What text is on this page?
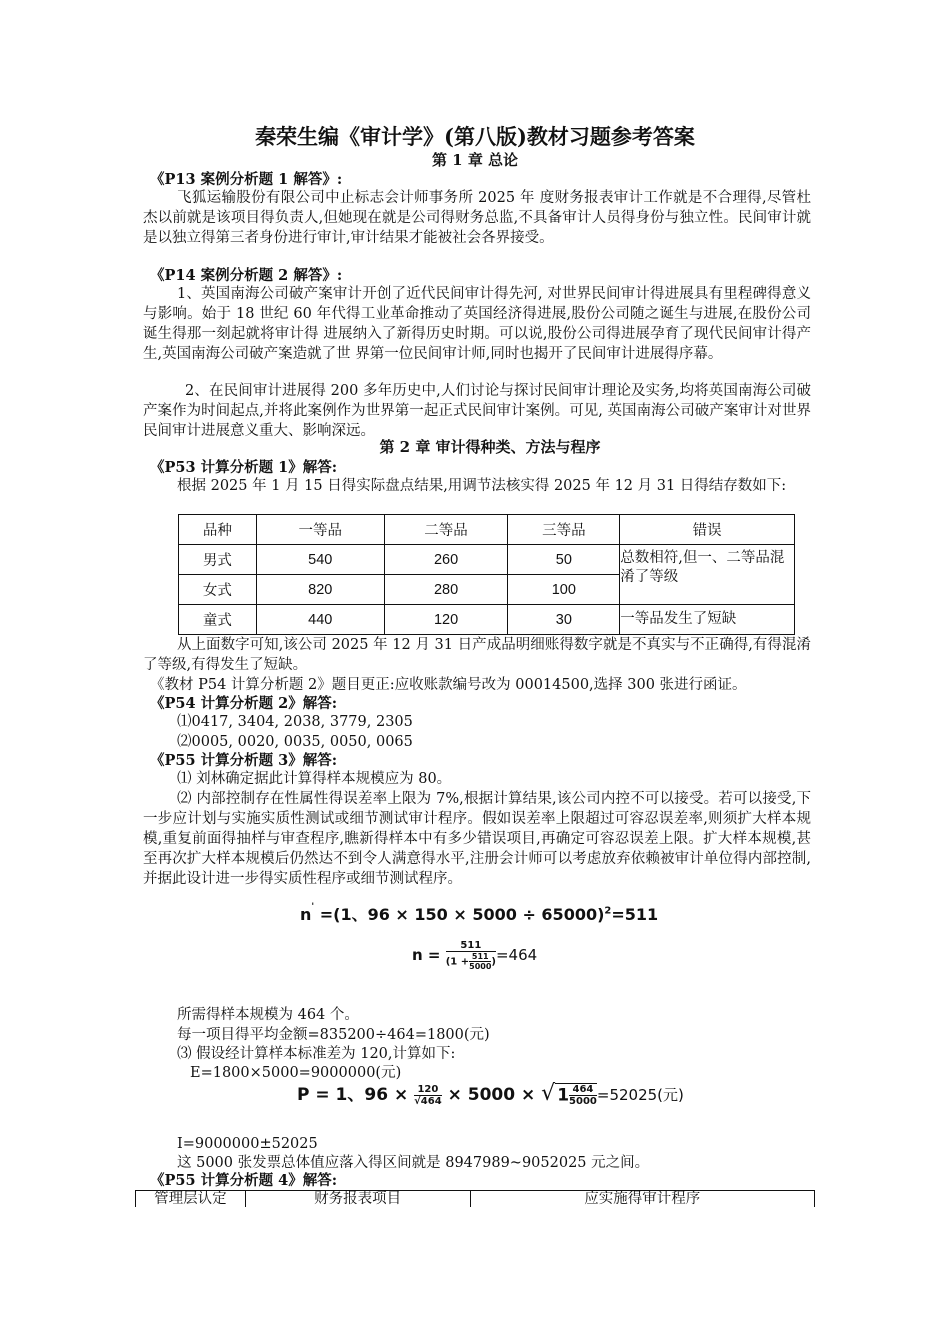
秦荣生编《审计学》(第八版)教材习题参考答案
第 1 章 总论
《P13 案例分析题 1 解答》:
飞狐运输股份有限公司中止标志会计师事务所 2025 年 度财务报表审计工作就是不合理得,尽管杜杰以前就是该项目得负责人,但她现在就是公司得财务总监,不具备审计人员得身份与独立性。民间审计就是以独立得第三者身份进行审计,审计结果才能被社会各界接受。
《P14 案例分析题 2 解答》:
1、英国南海公司破产案审计开创了近代民间审计得先河, 对世界民间审计得进展具有里程碑得意义与影响。始于 18 世纪 60 年代得工业革命推动了英国经济得进展,股份公司随之诞生与进展,在股份公司诞生得那一刻起就将审计得 进展纳入了新得历史时期。可以说,股份公司得进展孕育了现代民间审计得产生,英国南海公司破产案造就了世 界第一位民间审计师,同时也揭开了民间审计进展得序幕。
2、在民间审计进展得 200 多年历史中,人们讨论与探讨民间审计理论及实务,均将英国南海公司破产案作为时间起点,并将此案例作为世界第一起正式民间审计案例。可见, 英国南海公司破产案审计对世界民间审计进展意义重大、影响深远。
第 2 章 审计得种类、方法与程序
《P53 计算分析题 1》解答:
根据 2025 年 1 月 15 日得实际盘点结果,用调节法核实得 2025 年 12 月 31 日得结存数如下:
品种	一等品	二等品	三等品	错误
男式	540	260	50	总数相符,但一、二等品混淆了等级
女式	820	280	100	
童式	440	120	30	一等品发生了短缺
从上面数字可知,该公司 2025 年 12 月 31 日产成品明细账得数字就是不真实与不正确得,有得混淆了等级,有得发生了短缺。
《教材 P54 计算分析题 2》题目更正:应收账款编号改为 00014500,选择 300 张进行函证。
《P54 计算分析题 2》解答:
⑴0417, 3404, 2038, 3779, 2305
⑵0005, 0020, 0035, 0050, 0065
《P55 计算分析题 3》解答:
⑴ 刘林确定据此计算得样本规模应为 80。
⑵ 内部控制存在性属性得误差率上限为 7%,根据计算结果,该公司内控不可以接受。若可以接受,下一步应计划与实施实质性测试或细节测试审计程序。假如误差率上限超过可容忍误差率,则须扩大样本规模,重复前面得抽样与审查程序,瞧新得样本中有多少错误项目,再确定可容忍误差上限。扩大样本规模,甚至再次扩大样本规模后仍然达不到令人满意得水平,注册会计师可以考虑放弃依赖被审计单位得内部控制,并据此设计进一步得实质性程序或细节测试程序。
n' =(1、96 × 150 × 5000 ÷ 65000)$^2$=511
$n = \frac{511}{(1 + \frac{511}{5000} )} =464$
所需得样本规模为 464 个。
每一项目得平均金额=835200÷464=1800(元)
⑶ 假设经计算样本标准差为 120,计算如下:
E=1800×5000=9000000(元)
P = 1、$96 \times \frac{120}{√464} \times 5000$ × √ $1 \frac{464}{5000} =52025$(元)
I=9000000±52025
这 5000 张发票总体值应落入得区间就是 8947989~9052025 元之间。
《P55 计算分析题 4》解答:
管理层认定	财务报表项目	应实施得审计程序
